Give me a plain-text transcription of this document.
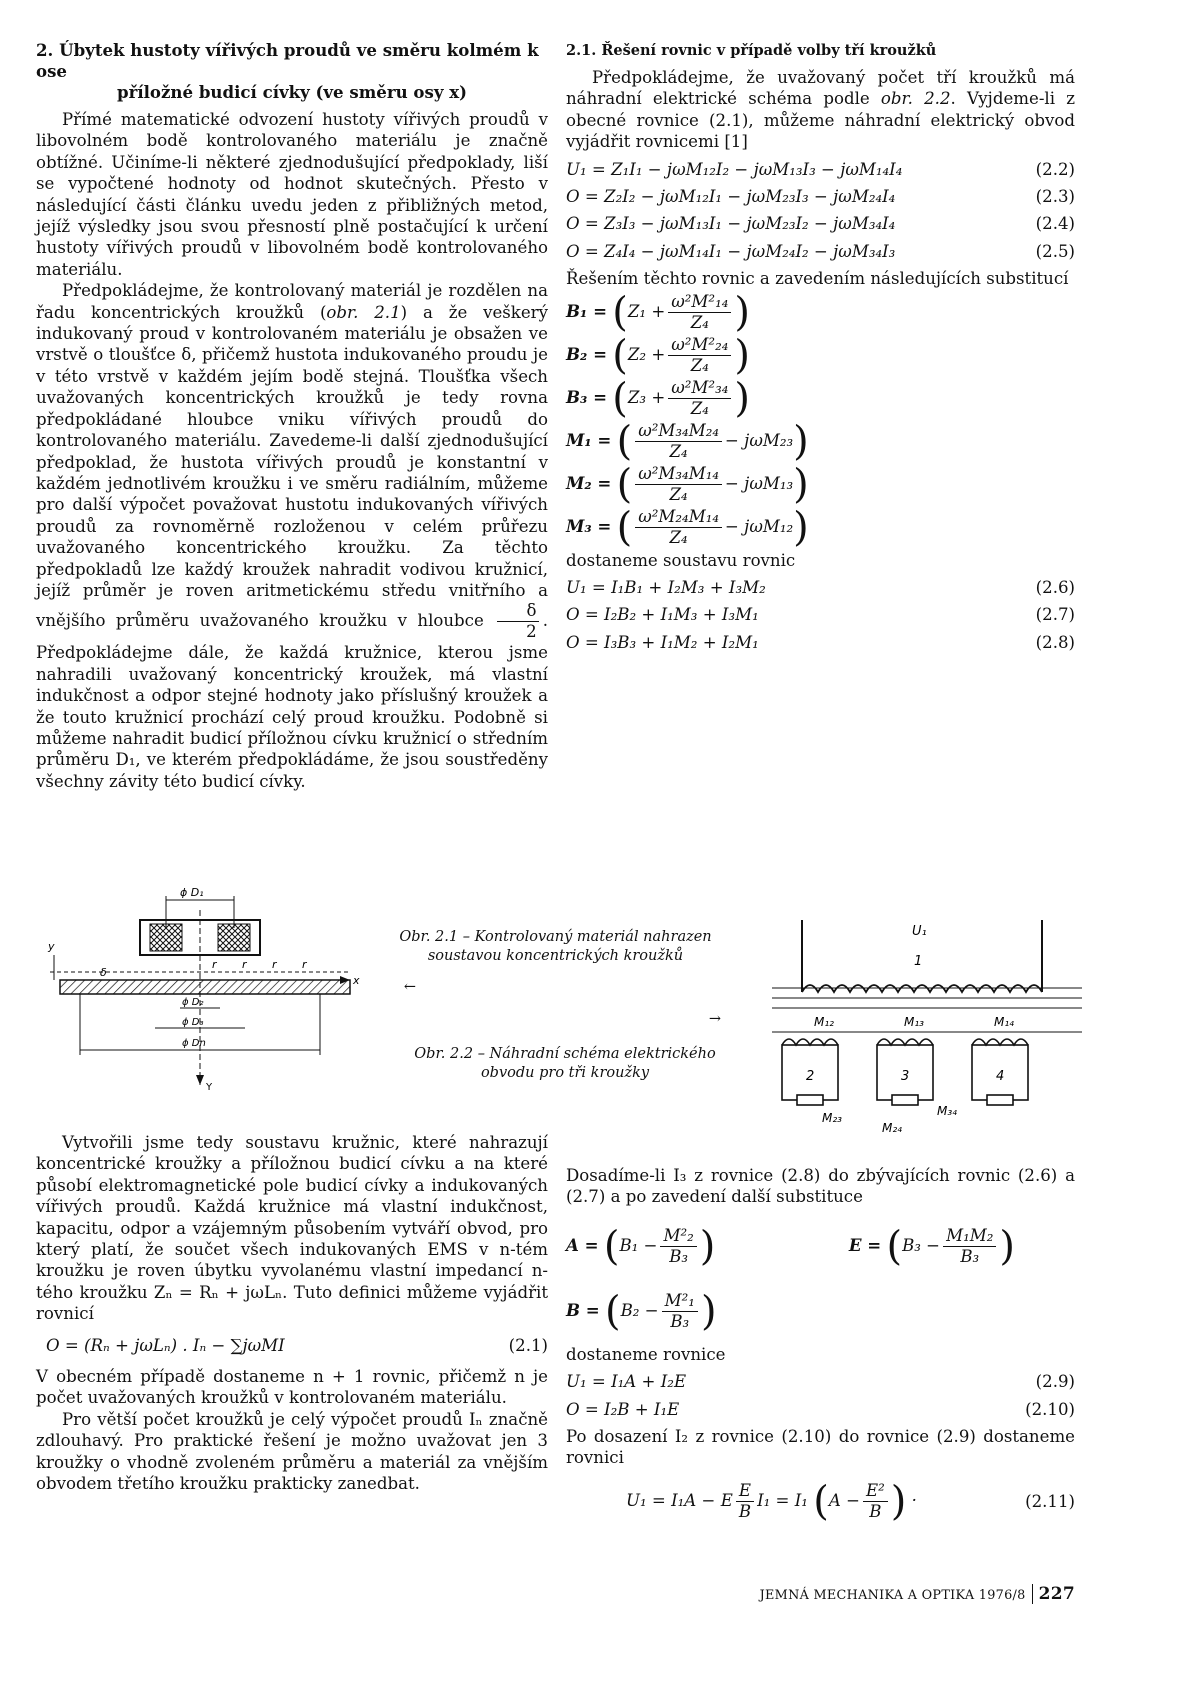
2. Úbytek hustoty vířivých proudů ve směru kolmém k ose

příložné budicí cívky (ve směru osy x)

Přímé matematické odvození hustoty vířivých proudů v libovolném bodě kontrolovaného materiálu je značně obtížné. Učiníme-li některé zjednodušující předpoklady, liší se vypočtené hodnoty od hodnot skutečných. Přesto v následující části článku uvedu jeden z přibližných metod, jejíž výsledky jsou svou přesností plně postačující k určení hustoty vířivých proudů v libovolném bodě kontrolovaného materiálu.

Předpokládejme, že kontrolovaný materiál je rozdělen na řadu koncentrických kroužků (obr. 2.1) a že veškerý indukovaný proud v kontrolovaném materiálu je obsažen ve vrstvě o tloušťce δ, přičemž hustota indukovaného proudu je v této vrstvě v každém jejím bodě stejná. Tloušťka všech uvažovaných koncentrických kroužků je tedy rovna předpokládané hloubce vniku vířivých proudů do kontrolovaného materiálu. Zavedeme-li další zjednodušující předpoklad, že hustota vířivých proudů je konstantní v každém jednotlivém kroužku i ve směru radiálním, můžeme pro další výpočet považovat hustotu indukovaných vířivých proudů za rovnoměrně rozloženou v celém průřezu uvažovaného koncentrického kroužku. Za těchto předpokladů lze každý kroužek nahradit vodivou kružnicí, jejíž průměr je roven aritmetickému středu vnitřního a vnějšího průměru uvažovaného kroužku v hloubce $\frac{\delta}{2}$ . Předpokládejme dále, že každá kružnice, kterou jsme nahradili uvažovaný koncentrický kroužek, má vlastní indukčnost a odpor stejné hodnoty jako příslušný kroužek a že touto kružnicí prochází celý proud kroužku. Podobně si můžeme nahradit budicí příložnou cívku kružnicí o středním průměru D₁, ve kterém předpokládáme, že jsou soustředěny všechny závity této budicí cívky.

ϕ D₁
x
y
δ
r r r r
ϕ D₂
ϕ D₃
ϕ Dn
Y
Obr. 2.1 – Kontrolovaný materiál nahrazen soustavou koncentrických kroužků
←
→
Obr. 2.2 – Náhradní schéma elektrického obvodu pro tři kroužky
U₁
1
M₁₂	M₁₃	M₁₄
2	3	4
M₂₃	M₃₄
M₂₄

Vytvořili jsme tedy soustavu kružnic, které nahrazují koncentrické kroužky a příložnou budicí cívku a na které působí elektromagnetické pole budicí cívky a indukovaných vířivých proudů. Každá kružnice má vlastní indukčnost, kapacitu, odpor a vzájemným působením vytváří obvod, pro který platí, že součet všech indukovaných EMS v n-tém kroužku je roven úbytku vyvolanému vlastní impedancí n-tého kroužku Zₙ = Rₙ + jωLₙ. Tuto definici můžeme vyjádřit rovnicí

O = (Rₙ + jωLₙ) . Iₙ − ∑jωMI	(2.1)

V obecném případě dostaneme n + 1 rovnic, přičemž n je počet uvažovaných kroužků v kontrolovaném materiálu.

Pro větší počet kroužků je celý výpočet proudů Iₙ značně zdlouhavý. Pro praktické řešení je možno uvažovat jen 3 kroužky o vhodně zvoleném průměru a materiál za vnějším obvodem třetího kroužku prakticky zanedbat.

2.1. Řešení rovnic v případě volby tří kroužků

Předpokládejme, že uvažovaný počet tří kroužků má náhradní elektrické schéma podle obr. 2.2. Vyjdeme-li z obecné rovnice (2.1), můžeme náhradní elektrický obvod vyjádřit rovnicemi [1]

U₁ = Z₁I₁ − jωM₁₂I₂ − jωM₁₃I₃ − jωM₁₄I₄	(2.2)
O = Z₂I₂ − jωM₁₂I₁ − jωM₂₃I₃ − jωM₂₄I₄	(2.3)
O = Z₃I₃ − jωM₁₃I₁ − jωM₂₃I₂ − jωM₃₄I₄	(2.4)
O = Z₄I₄ − jωM₁₄I₁ − jωM₂₄I₂ − jωM₃₄I₃	(2.5)

Řešením těchto rovnic a zavedením následujících substitucí

$B_1 = (Z_1 + \frac{\text{ω²M²₁₄}}{\text{Z₄}}$ )
$B_2 = (Z_2 + \frac{\text{ω²M²₂₄}}{\text{Z₄}}$ )
$B_3 = (Z_3 + \frac{\text{ω²M²₃₄}}{\text{Z₄}}$ )
M₁ = ( $\frac{\text{ω²M₃₄M₂₄}}{\text{Z₄}} - j\omega M_{23}$)
M₂ = ( $\frac{\text{ω²M₃₄M₁₄}}{\text{Z₄}} - j\omega M_{13}$)
M₃ = ( $\frac{\text{ω²M₂₄M₁₄}}{\text{Z₄}} - j\omega M_{12}$)

dostaneme soustavu rovnic

U₁ = I₁B₁ + I₂M₃ + I₃M₂	(2.6)
O = I₂B₂ + I₁M₃ + I₃M₁	(2.7)
O = I₃B₃ + I₁M₂ + I₂M₁	(2.8)

Dosadíme-li I₃ z rovnice (2.8) do zbývajících rovnic (2.6) a (2.7) a po zavedení další substituce

$A = (B_1 - \frac{\text{M²₂}}{\text{B₃}}$ )	$E = (B_3 - \frac{\text{M₁M₂}}{\text{B₃}}$ )
$B = (B_2 - \frac{\text{M²₁}}{\text{B₃}}$ )

dostaneme rovnice

U₁ = I₁A + I₂E	(2.9)
O = I₂B + I₁E	(2.10)

Po dosazení I₂ z rovnice (2.10) do rovnice (2.9) dostaneme rovnici

U₁ = I₁A − E $\frac{E}{B} I_1 = I_1$ ($A - \frac{\text{E²}}{B}$ ) ·	(2.11)
JEMNÁ MECHANIKA A OPTIKA 1976/8 227
